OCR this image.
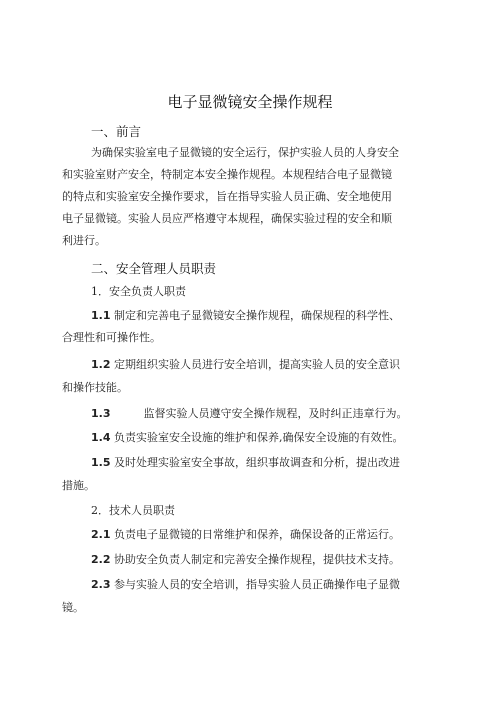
电子显微镜安全操作规程
一、前言
为确保实验室电子显微镜的安全运行，保护实验人员的人身安全
和实验室财产安全，特制定本安全操作规程。本规程结合电子显微镜
的特点和实验室安全操作要求，旨在指导实验人员正确、安全地使用
电子显微镜。实验人员应严格遵守本规程，确保实验过程的安全和顺
利进行。
二、安全管理人员职责
1．安全负责人职责
1.1 制定和完善电子显微镜安全操作规程，确保规程的科学性、
合理性和可操作性。
1.2 定期组织实验人员进行安全培训，提高实验人员的安全意识
和操作技能。
1.3	监督实验人员遵守安全操作规程，及时纠正违章行为。
1.4 负责实验室安全设施的维护和保养,确保安全设施的有效性。
1.5 及时处理实验室安全事故，组织事故调查和分析，提出改进
措施。
2．技术人员职责
2.1 负责电子显微镜的日常维护和保养，确保设备的正常运行。
2.2 协助安全负责人制定和完善安全操作规程，提供技术支持。
2.3 参与实验人员的安全培训，指导实验人员正确操作电子显微
镜。
